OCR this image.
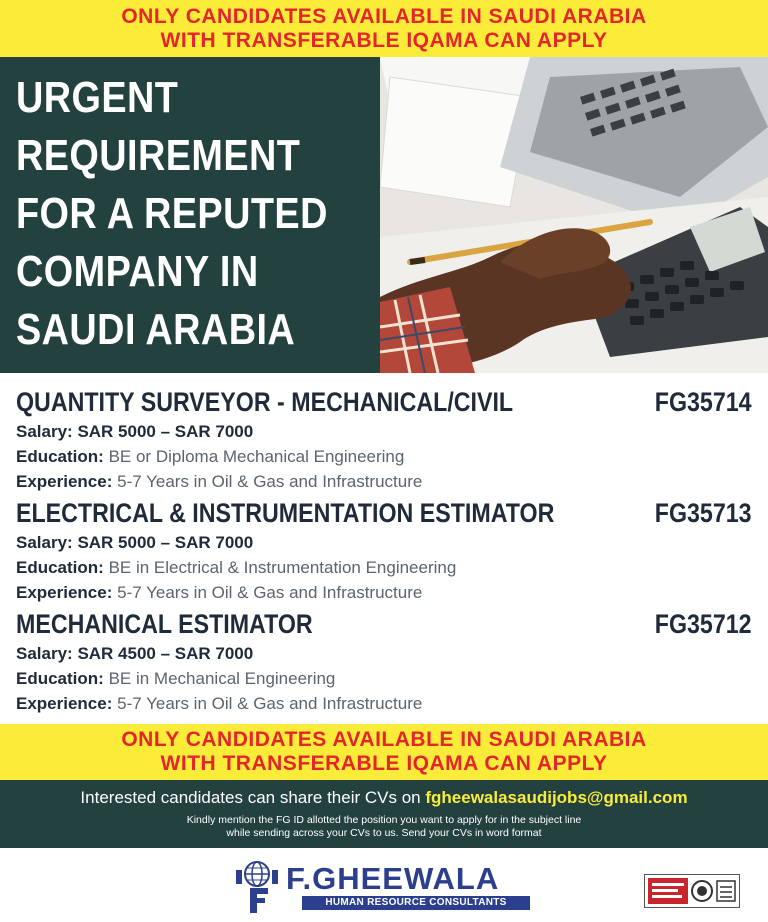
ONLY CANDIDATES AVAILABLE IN SAUDI ARABIA
WITH TRANSFERABLE IQAMA CAN APPLY
URGENT
REQUIREMENT
FOR A REPUTED
COMPANY IN
SAUDI ARABIA
QUANTITY SURVEYOR - MECHANICAL/CIVIL	FG35714
Salary: SAR 5000 – SAR 7000
Education: BE or Diploma Mechanical Engineering
Experience: 5-7 Years in Oil & Gas and Infrastructure
ELECTRICAL & INSTRUMENTATION ESTIMATOR	FG35713
Salary: SAR 5000 – SAR 7000
Education: BE in Electrical & Instrumentation Engineering
Experience: 5-7 Years in Oil & Gas and Infrastructure
MECHANICAL ESTIMATOR	FG35712
Salary: SAR 4500 – SAR 7000
Education: BE in Mechanical Engineering
Experience: 5-7 Years in Oil & Gas and Infrastructure
ONLY CANDIDATES AVAILABLE IN SAUDI ARABIA
WITH TRANSFERABLE IQAMA CAN APPLY
Interested candidates can share their CVs on fgheewalasaudijobs@gmail.com
Kindly mention the FG ID allotted the position you want to apply for in the subject line
while sending across your CVs to us. Send your CVs in word format
F.GHEEWALA
HUMAN RESOURCE CONSULTANTS
